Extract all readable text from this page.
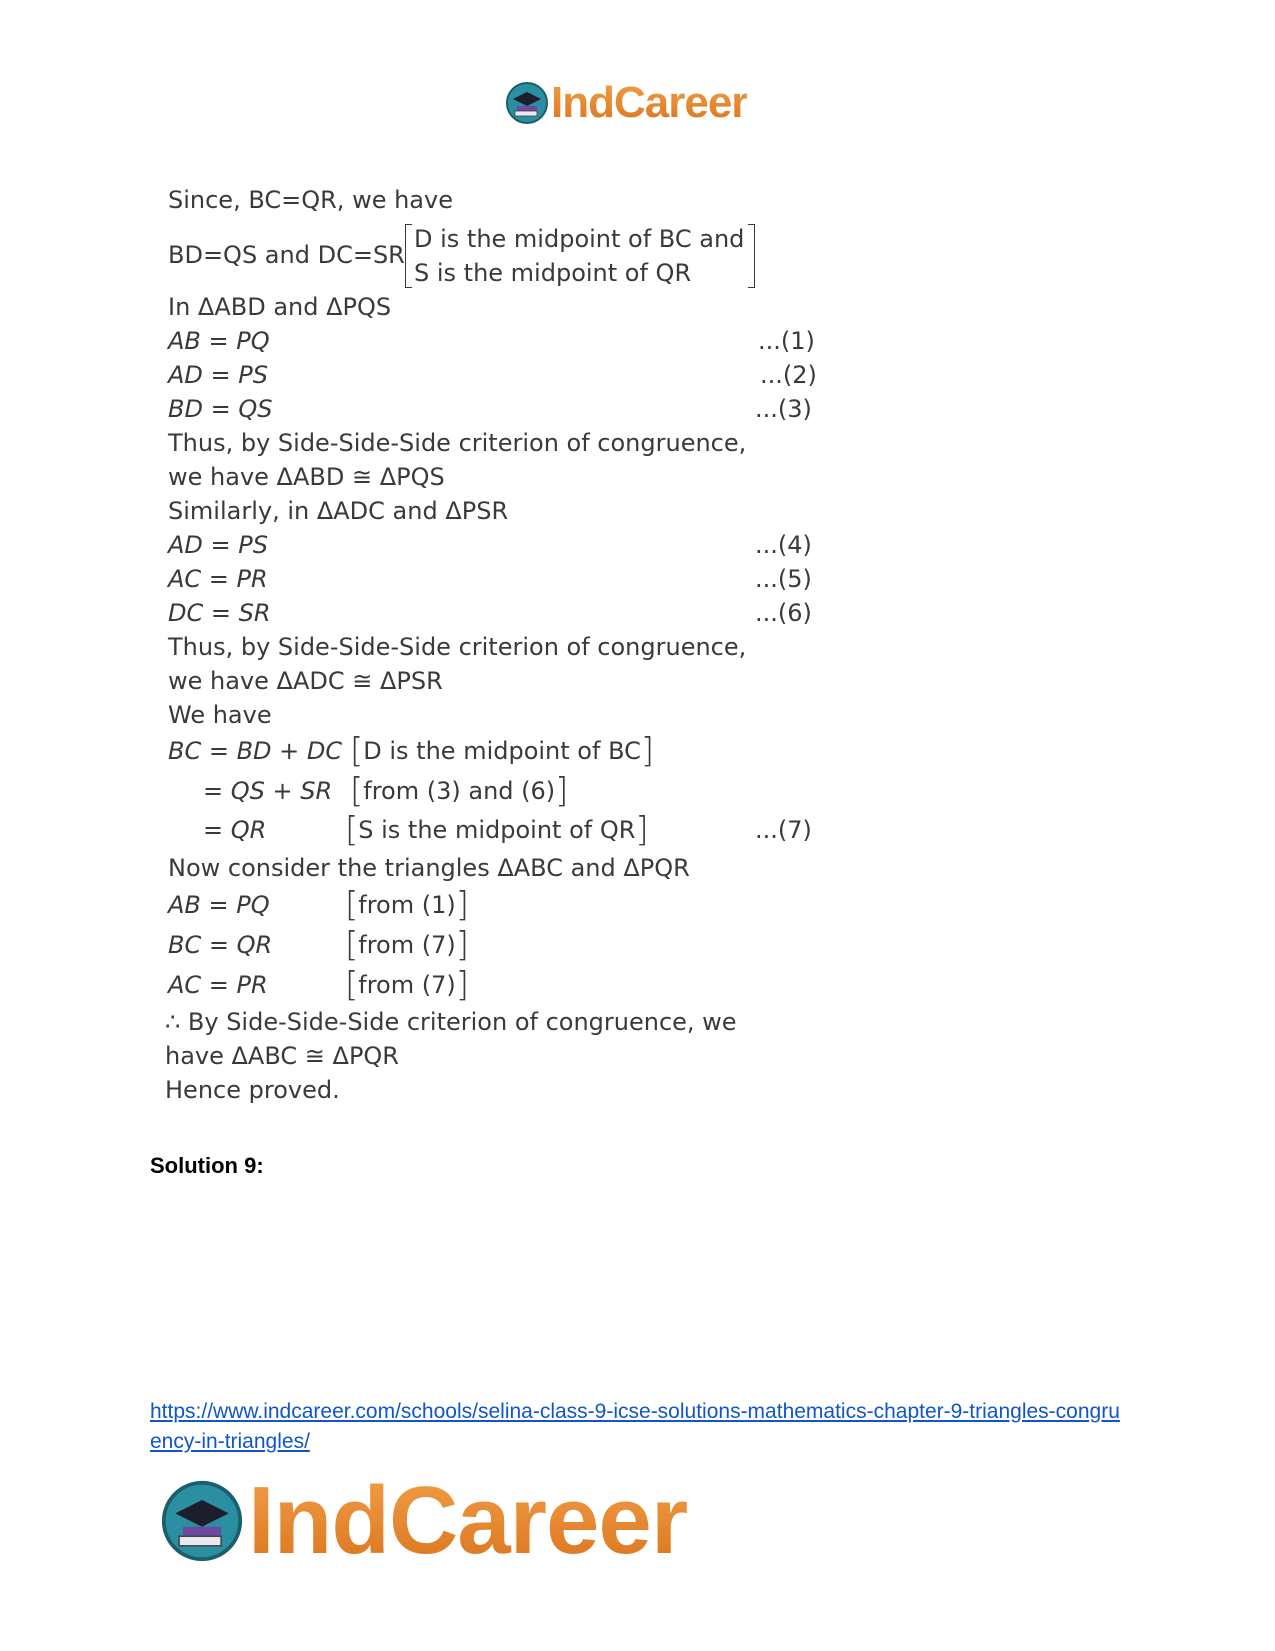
IndCareer
Since, BC=QR, we have
BD=QS and DC=SR
D is the midpoint of BC and
S is the midpoint of QR
In ΔABD and ΔPQS
AB = PQ	...(1)
AD = PS	...(2)
BD = QS	...(3)
Thus, by Side-Side-Side criterion of congruence,
we have ΔABD ≅ ΔPQS
Similarly, in ΔADC and ΔPSR
AD = PS	...(4)
AC = PR	...(5)
DC = SR	...(6)
Thus, by Side-Side-Side criterion of congruence,
we have ΔADC ≅ ΔPSR
We have
BC = BD + DC [D is the midpoint of BC]
= QS + SR [from (3) and (6)]
= QR [S is the midpoint of QR]	...(7)
Now consider the triangles ΔABC and ΔPQR
AB = PQ [from (1)]
BC = QR [from (7)]
AC = PR [from (7)]
∴ By Side-Side-Side criterion of congruence, we
have ΔABC ≅ ΔPQR
Hence proved.
Solution 9:
https://www.indcareer.com/schools/selina-class-9-icse-solutions-mathematics-chapter-9-triangles-congruency-in-triangles/
IndCareer
